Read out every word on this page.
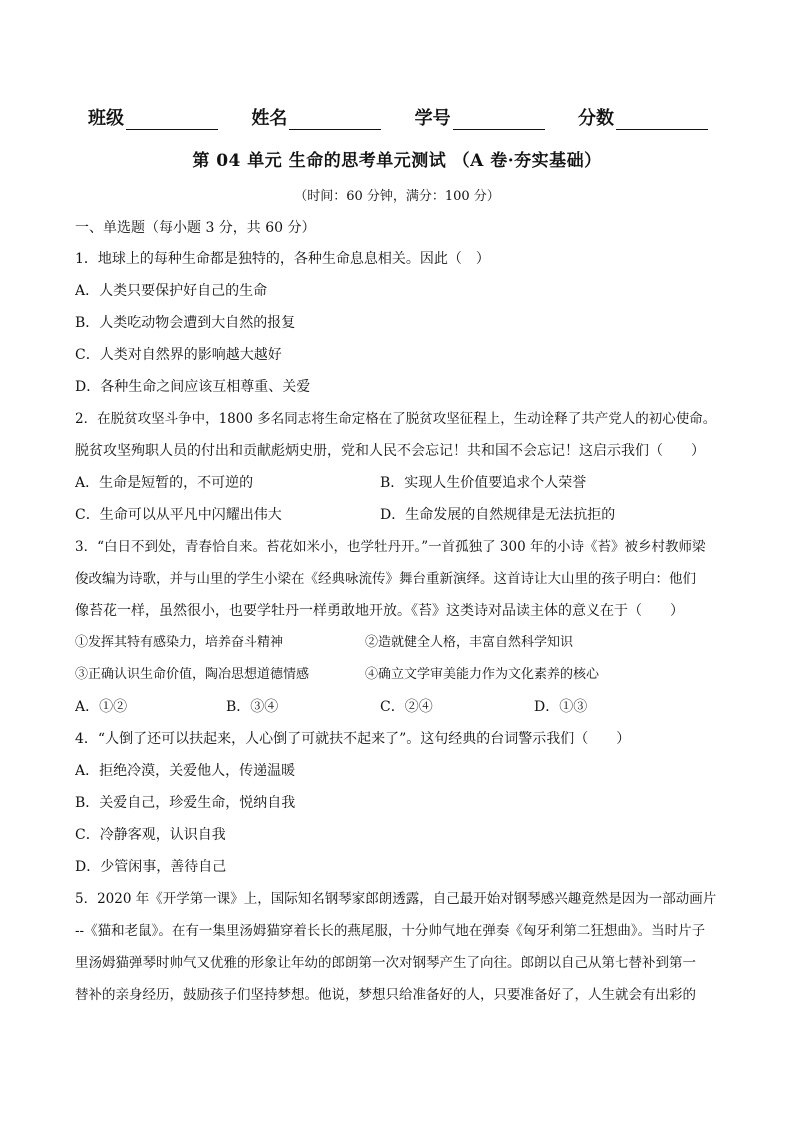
班级	姓名	学号	分数
第 04 单元 生命的思考单元测试 （A 卷·夯实基础）
（时间：60 分钟，满分：100 分）
一、单选题（每小题 3 分，共 60 分）
1．地球上的每种生命都是独特的，各种生命息息相关。因此（　）
A．人类只要保护好自己的生命
B．人类吃动物会遭到大自然的报复
C．人类对自然界的影响越大越好
D．各种生命之间应该互相尊重、关爱
2．在脱贫攻坚斗争中，1800 多名同志将生命定格在了脱贫攻坚征程上，生动诠释了共产党人的初心使命。
脱贫攻坚殉职人员的付出和贡献彪炳史册，党和人民不会忘记！共和国不会忘记！这启示我们（　　）
A．生命是短暂的，不可逆的	B．实现人生价值要追求个人荣誉
C．生命可以从平凡中闪耀出伟大	D．生命发展的自然规律是无法抗拒的
3．“白日不到处，青春恰自来。苔花如米小，也学牡丹开。”一首孤独了 300 年的小诗《苔》被乡村教师梁
俊改编为诗歌，并与山里的学生小梁在《经典咏流传》舞台重新演绎。这首诗让大山里的孩子明白：他们
像苔花一样，虽然很小，也要学牡丹一样勇敢地开放。《苔》这类诗对品读主体的意义在于（　　）
①发挥其特有感染力，培养奋斗精神	②造就健全人格，丰富自然科学知识
③正确认识生命价值，陶冶思想道德情感	④确立文学审美能力作为文化素养的核心
A．①②	B．③④	C．②④	D．①③
4．“人倒了还可以扶起来，人心倒了可就扶不起来了”。这句经典的台词警示我们（　　）
A．拒绝冷漠，关爱他人，传递温暖
B．关爱自己，珍爱生命，悦纳自我
C．冷静客观，认识自我
D．少管闲事，善待自己
5．2020 年《开学第一课》上，国际知名钢琴家郎朗透露，自己最开始对钢琴感兴趣竟然是因为一部动画片
--《猫和老鼠》。在有一集里汤姆猫穿着长长的燕尾服，十分帅气地在弹奏《匈牙利第二狂想曲》。当时片子
里汤姆猫弹琴时帅气又优雅的形象让年幼的郎朗第一次对钢琴产生了向往。郎朗以自己从第七替补到第一
替补的亲身经历，鼓励孩子们坚持梦想。他说，梦想只给准备好的人，只要准备好了，人生就会有出彩的
